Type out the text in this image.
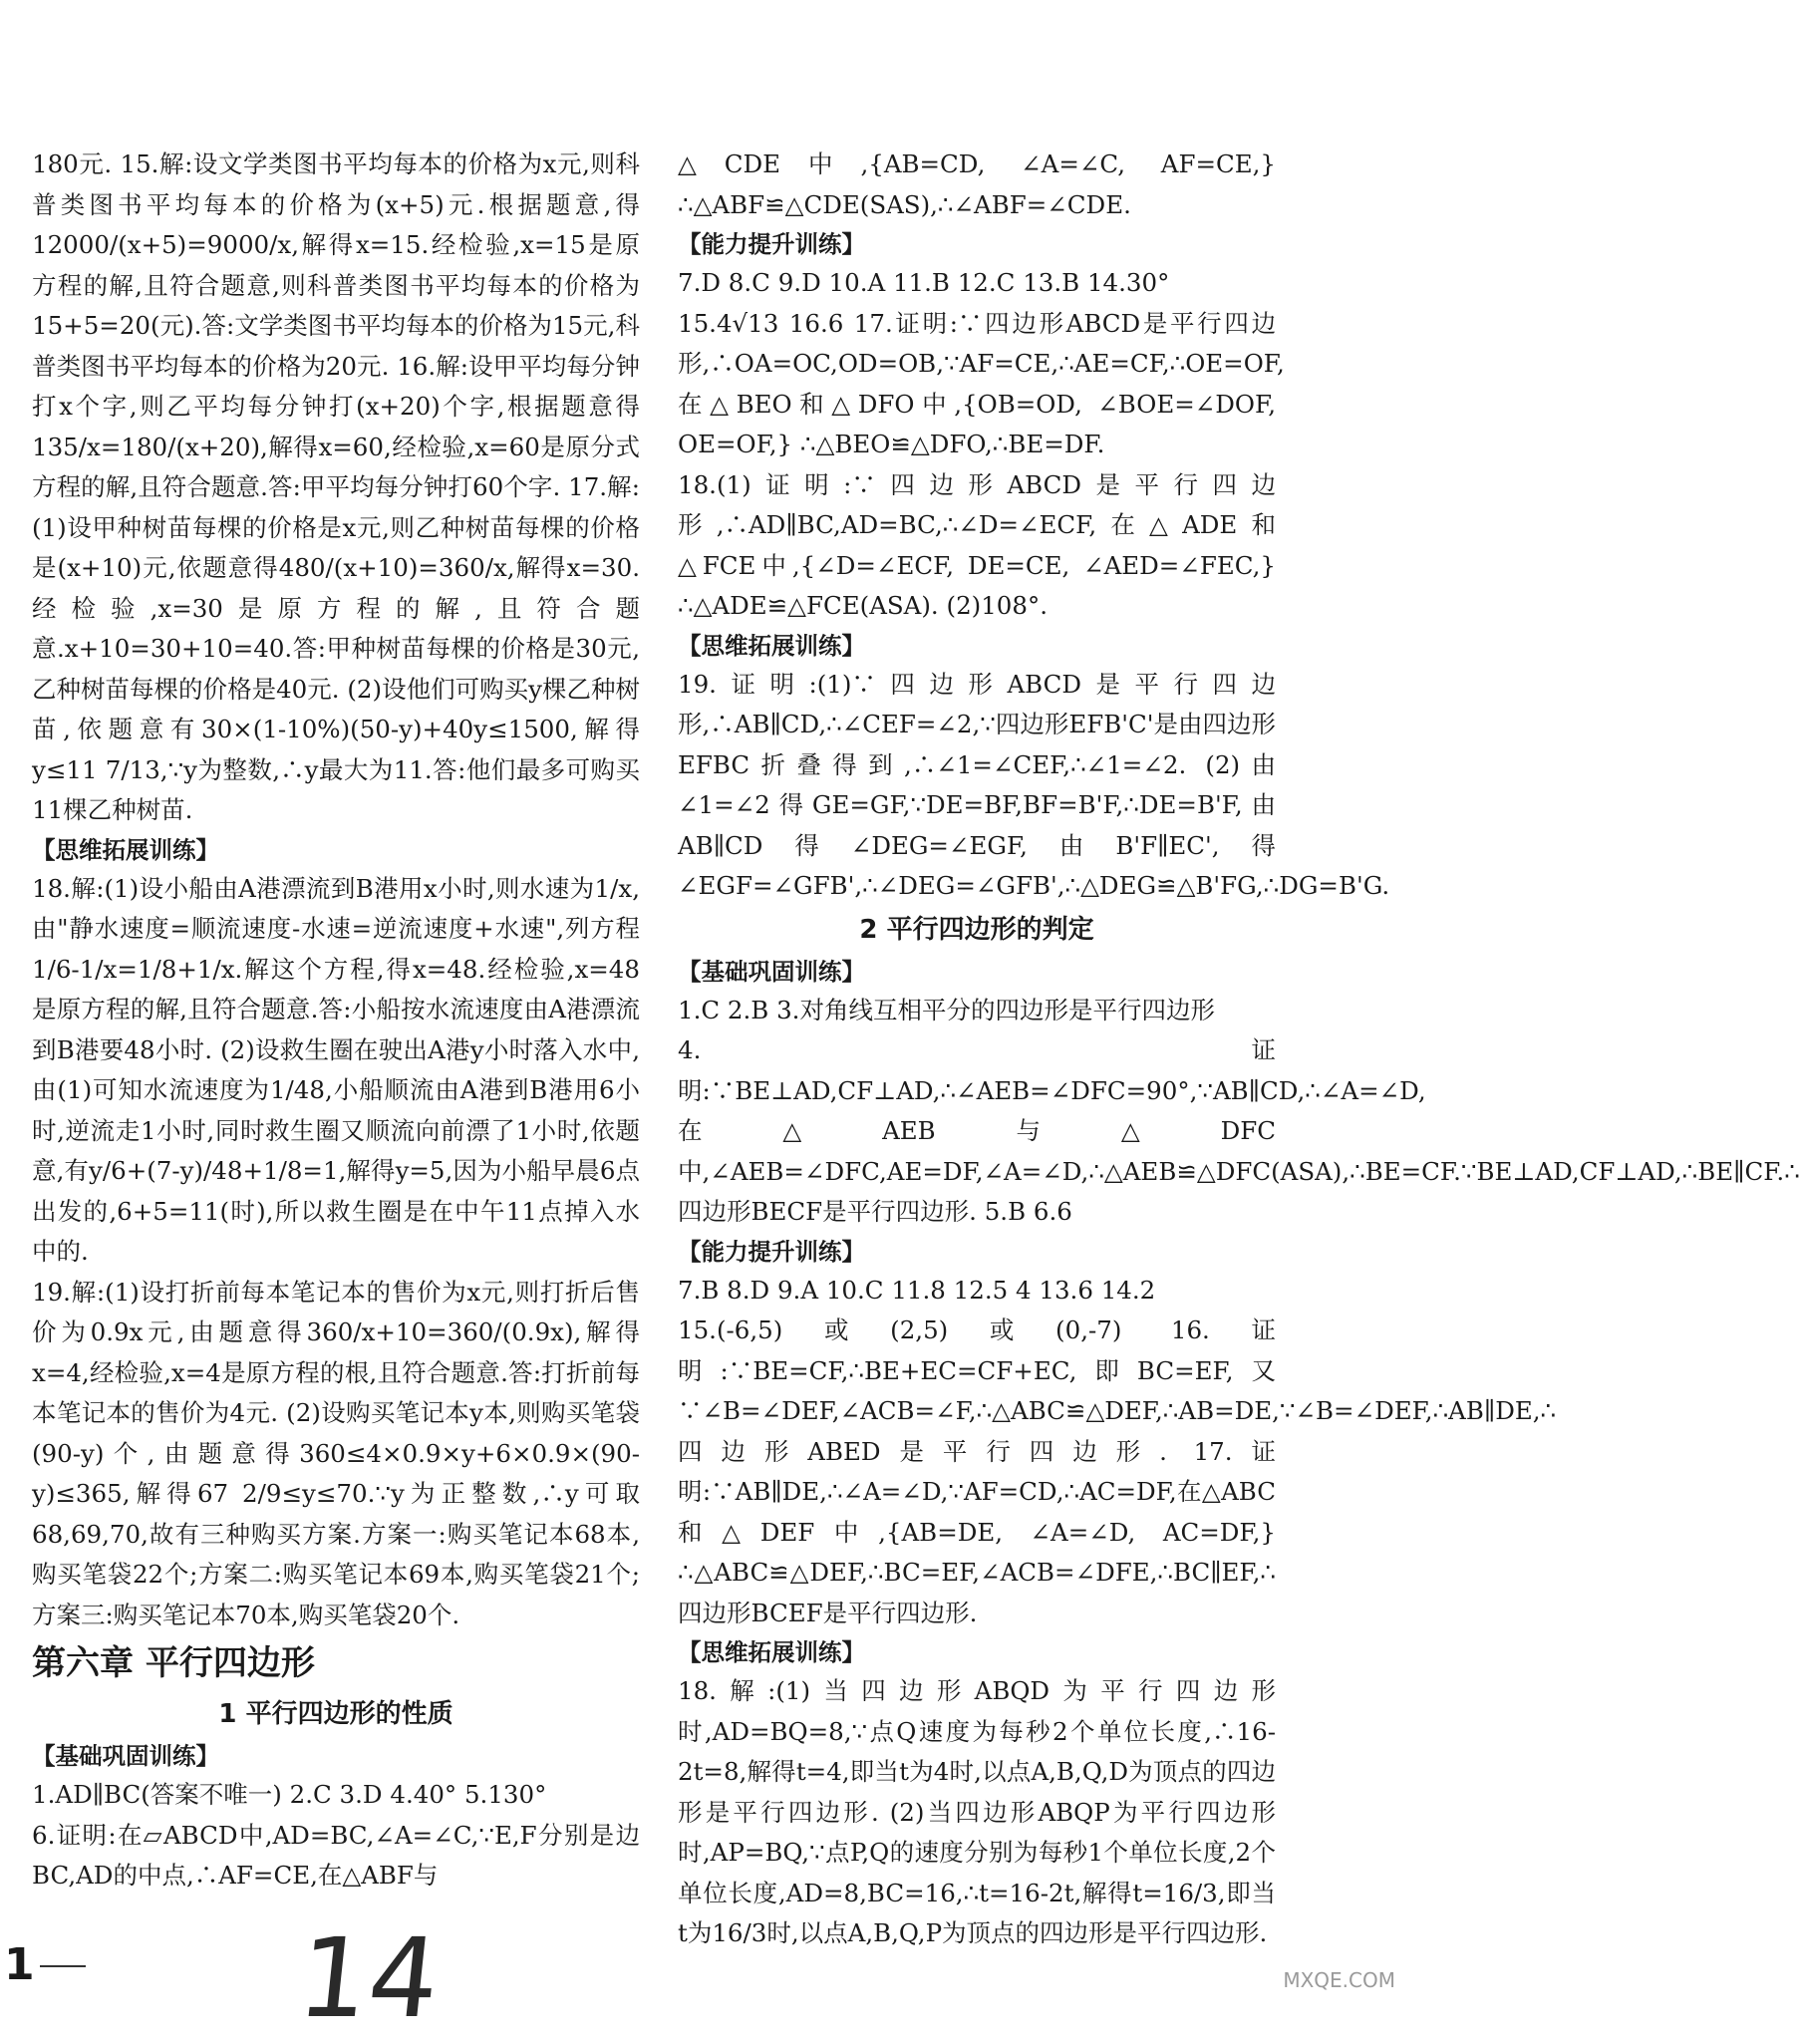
180元. 15.解:设文学类图书平均每本的价格为x元,则科普类图书平均每本的价格为(x+5)元.根据题意,得12000/(x+5)=9000/x,解得x=15.经检验,x=15是原方程的解,且符合题意,则科普类图书平均每本的价格为15+5=20(元).答:文学类图书平均每本的价格为15元,科普类图书平均每本的价格为20元. 16.解:设甲平均每分钟打x个字,则乙平均每分钟打(x+20)个字,根据题意得135/x=180/(x+20),解得x=60,经检验,x=60是原分式方程的解,且符合题意.答:甲平均每分钟打60个字. 17.解:(1)设甲种树苗每棵的价格是x元,则乙种树苗每棵的价格是(x+10)元,依题意得480/(x+10)=360/x,解得x=30.经检验,x=30是原方程的解,且符合题意.x+10=30+10=40.答:甲种树苗每棵的价格是30元,乙种树苗每棵的价格是40元. (2)设他们可购买y棵乙种树苗,依题意有30×(1-10%)(50-y)+40y≤1500,解得y≤11 7/13,∵y为整数,∴y最大为11.答:他们最多可购买11棵乙种树苗.

【思维拓展训练】

18.解:(1)设小船由A港漂流到B港用x小时,则水速为1/x,由"静水速度=顺流速度-水速=逆流速度+水速",列方程1/6-1/x=1/8+1/x.解这个方程,得x=48.经检验,x=48是原方程的解,且符合题意.答:小船按水流速度由A港漂流到B港要48小时. (2)设救生圈在驶出A港y小时落入水中,由(1)可知水流速度为1/48,小船顺流由A港到B港用6小时,逆流走1小时,同时救生圈又顺流向前漂了1小时,依题意,有y/6+(7-y)/48+1/8=1,解得y=5,因为小船早晨6点出发的,6+5=11(时),所以救生圈是在中午11点掉入水中的.

19.解:(1)设打折前每本笔记本的售价为x元,则打折后售价为0.9x元,由题意得360/x+10=360/(0.9x),解得x=4,经检验,x=4是原方程的根,且符合题意.答:打折前每本笔记本的售价为4元. (2)设购买笔记本y本,则购买笔袋(90-y)个,由题意得360≤4×0.9×y+6×0.9×(90-y)≤365,解得67 2/9≤y≤70.∵y为正整数,∴y可取68,69,70,故有三种购买方案.方案一:购买笔记本68本,购买笔袋22个;方案二:购买笔记本69本,购买笔袋21个;方案三:购买笔记本70本,购买笔袋20个.

第六章 平行四边形

1 平行四边形的性质

【基础巩固训练】

1.AD∥BC(答案不唯一) 2.C 3.D 4.40° 5.130°

6.证明:在▱ABCD中,AD=BC,∠A=∠C,∵E,F分别是边BC,AD的中点,∴AF=CE,在△ABF与

△CDE中,{AB=CD, ∠A=∠C, AF=CE,} ∴△ABF≌△CDE(SAS),∴∠ABF=∠CDE.

【能力提升训练】

7.D 8.C 9.D 10.A 11.B 12.C 13.B 14.30°

15.4√13 16.6 17.证明:∵四边形ABCD是平行四边形,∴OA=OC,OD=OB,∵AF=CE,∴AE=CF,∴OE=OF,在△BEO和△DFO中,{OB=OD, ∠BOE=∠DOF, OE=OF,} ∴△BEO≌△DFO,∴BE=DF.

18.(1)证明:∵四边形ABCD是平行四边形,∴AD∥BC,AD=BC,∴∠D=∠ECF,在△ADE和△FCE中,{∠D=∠ECF, DE=CE, ∠AED=∠FEC,} ∴△ADE≌△FCE(ASA). (2)108°.

【思维拓展训练】

19.证明:(1)∵四边形ABCD是平行四边形,∴AB∥CD,∴∠CEF=∠2,∵四边形EFB'C'是由四边形EFBC折叠得到,∴∠1=∠CEF,∴∠1=∠2. (2)由∠1=∠2得GE=GF,∵DE=BF,BF=B'F,∴DE=B'F,由AB∥CD得∠DEG=∠EGF,由B'F∥EC',得∠EGF=∠GFB',∴∠DEG=∠GFB',∴△DEG≌△B'FG,∴DG=B'G.

2 平行四边形的判定

【基础巩固训练】

1.C 2.B 3.对角线互相平分的四边形是平行四边形

4.证明:∵BE⊥AD,CF⊥AD,∴∠AEB=∠DFC=90°,∵AB∥CD,∴∠A=∠D,在△AEB与△DFC中,∠AEB=∠DFC,AE=DF,∠A=∠D,∴△AEB≌△DFC(ASA),∴BE=CF.∵BE⊥AD,CF⊥AD,∴BE∥CF.∴四边形BECF是平行四边形. 5.B 6.6

【能力提升训练】

7.B 8.D 9.A 10.C 11.8 12.5 4 13.6 14.2

15.(-6,5)或(2,5)或(0,-7) 16.证明:∵BE=CF,∴BE+EC=CF+EC,即BC=EF,又∵∠B=∠DEF,∠ACB=∠F,∴△ABC≌△DEF,∴AB=DE,∵∠B=∠DEF,∴AB∥DE,∴四边形ABED是平行四边形. 17.证明:∵AB∥DE,∴∠A=∠D,∵AF=CD,∴AC=DF,在△ABC和△DEF中,{AB=DE, ∠A=∠D, AC=DF,} ∴△ABC≌△DEF,∴BC=EF,∠ACB=∠DFE,∴BC∥EF,∴四边形BCEF是平行四边形.

【思维拓展训练】

18.解:(1)当四边形ABQD为平行四边形时,AD=BQ=8,∵点Q速度为每秒2个单位长度,∴16-2t=8,解得t=4,即当t为4时,以点A,B,Q,D为顶点的四边形是平行四边形. (2)当四边形ABQP为平行四边形时,AP=BQ,∵点P,Q的速度分别为每秒1个单位长度,2个单位长度,AD=8,BC=16,∴t=16-2t,解得t=16/3,即当t为16/3时,以点A,B,Q,P为顶点的四边形是平行四边形.

1 14	MXQE.COM
